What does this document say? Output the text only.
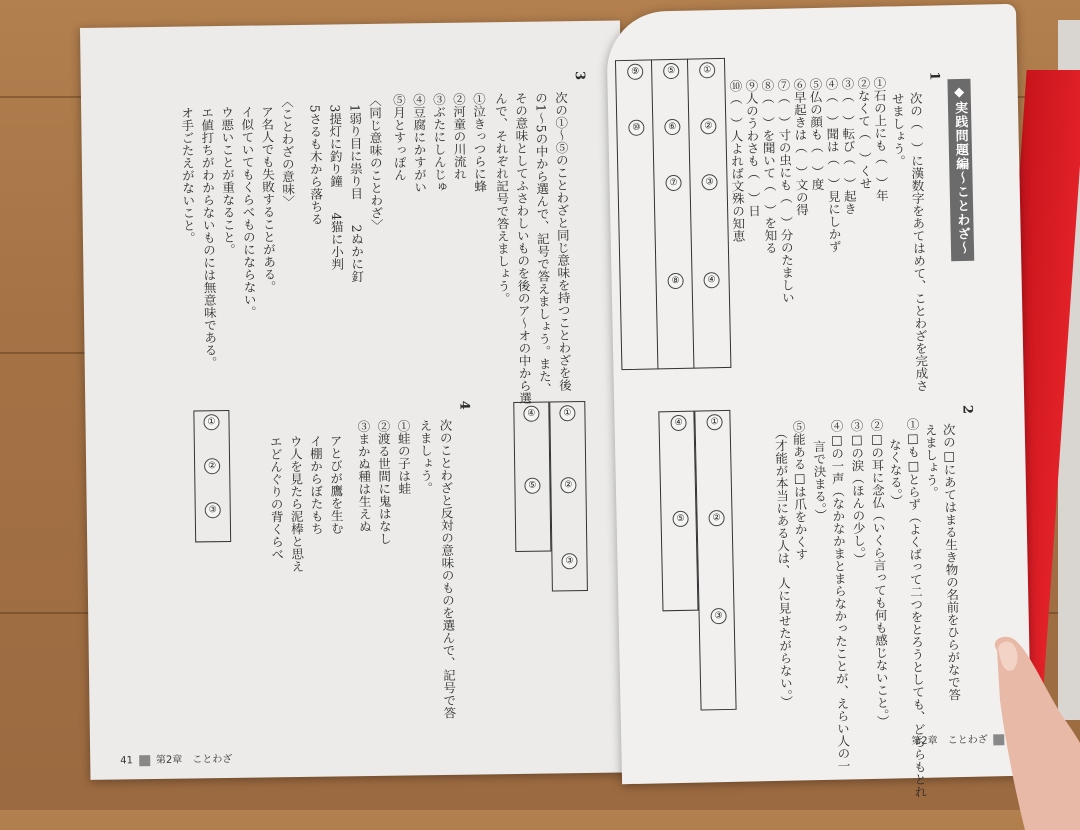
3
次の①〜⑤のことわざと同じ意味を持つことわざを後
の1〜5の中から選んで、記号で答えましょう。また、
その意味としてふさわしいものを後のア〜オの中から選
んで、それぞれ記号で答えましょう。
①泣きっつらに蜂
②河童の川流れ
③ぶたにしんじゅ
④豆腐にかすがい
⑤月とすっぽん
〈同じ意味のことわざ〉
1弱り目に祟り目　　2ぬかに釘
3提灯に釣り鐘　　4猫に小判
5さるも木から落ちる
〈ことわざの意味〉
ア名人でも失敗することがある。
イ似ていてもくらべものにならない。
ウ悪いことが重なること。
エ値打ちがわからないものには無意味である。
オ手ごたえがないこと。
4
次のことわざと反対の意味のものを選んで、記号で答
えましょう。
①蛙の子は蛙
②渡る世間に鬼はなし
③まかぬ種は生えぬ
アとびが鷹を生む
イ棚からぼたもち
ウ人を見たら泥棒と思え
エどんぐりの背くらべ
④	①
⑤	②
③
①
②
③
41 第2章　ことわざ
◆実践問題編〜ことわざ〜
1
次の（　）に漢数字をあてはめて、ことわざを完成さ
せましょう。
①石の上にも（　）年
②なくて（　）くせ
③（　）転び（　）起き
④（　）聞は（　）見にしかず
⑤仏の顔も（　）度
⑥早起きは（　）文の得
⑦（　）寸の虫にも（　）分のたましい
⑧（　）を聞いて（　）を知る
⑨人のうわさも（　）日
⑩（　）人よれば文殊の知恵
①
②
③
④
⑤
⑥
⑦
⑧
⑨
⑩
2
次の□にあてはまる生き物の名前をひらがなで答
えましょう。
①□も□とらず（よくばって二つをとろうとしても、どちらもとれ
なくなる。）
②□の耳に念仏（いくら言っても何も感じないこと。）
③□の涙（ほんの少し。）
④□の一声（なかなかまとまらなかったことが、えらい人の一
言で決まる。）
⑤能ある□は爪をかくす
（才能が本当にある人は、人に見せたがらない。）
①
②
③
④
⑤
第2章　ことわざ
